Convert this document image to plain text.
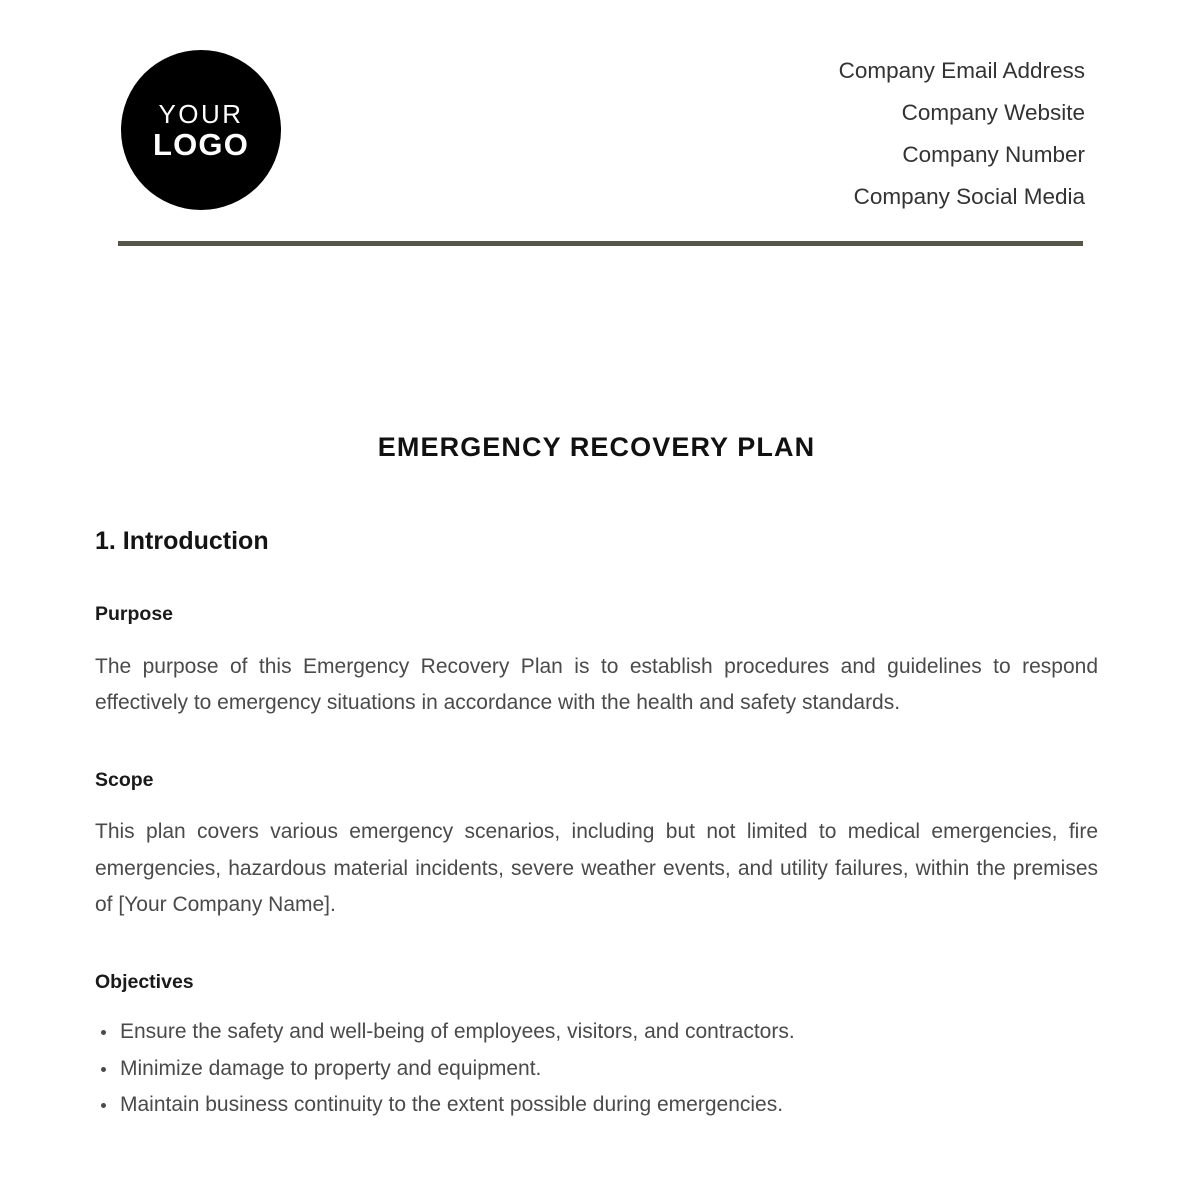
YOUR
LOGO
Company Email Address
Company Website
Company Number
Company Social Media
EMERGENCY RECOVERY PLAN
1. Introduction
Purpose

The purpose of this Emergency Recovery Plan is to establish procedures and guidelines to respond effectively to emergency situations in accordance with the health and safety standards.

Scope

This plan covers various emergency scenarios, including but not limited to medical emergencies, fire emergencies, hazardous material incidents, severe weather events, and utility failures, within the premises of [Your Company Name].

Objectives
Ensure the safety and well-being of employees, visitors, and contractors.
Minimize damage to property and equipment.
Maintain business continuity to the extent possible during emergencies.
